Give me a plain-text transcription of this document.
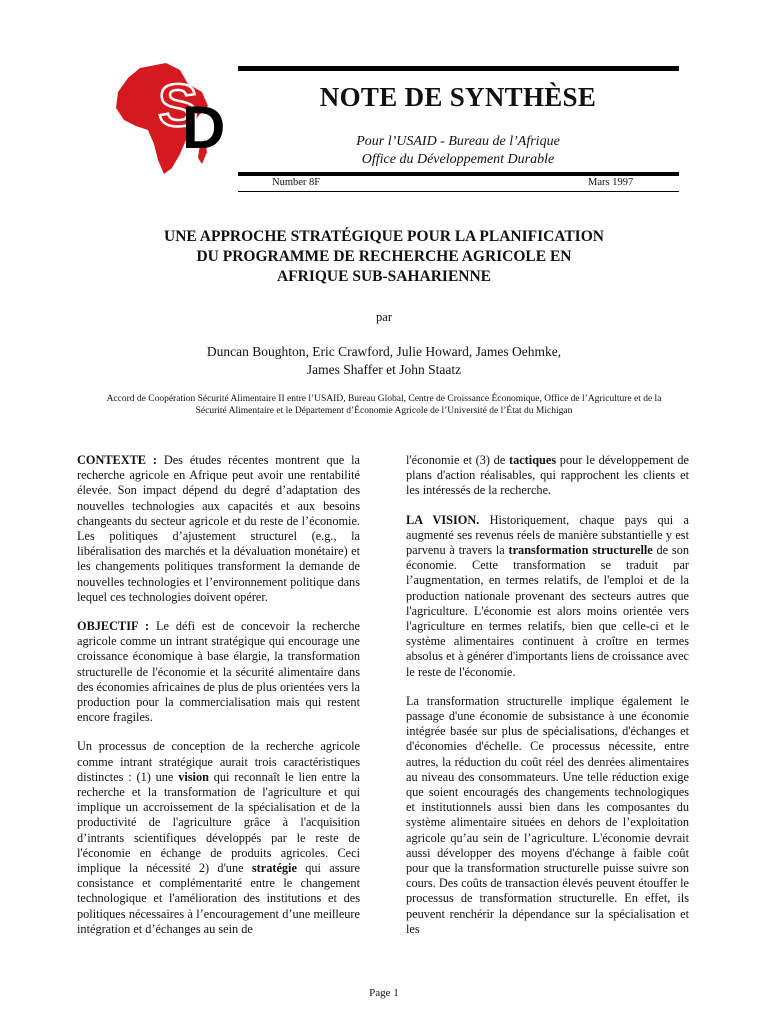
S
D	NOTE DE SYNTHÈSE
Pour l’USAID - Bureau de l’Afrique
Office du Développement Durable
Number 8F	Mars 1997
UNE APPROCHE STRATÉGIQUE POUR LA PLANIFICATION
DU PROGRAMME DE RECHERCHE AGRICOLE EN
AFRIQUE SUB-SAHARIENNE
par
Duncan Boughton, Eric Crawford, Julie Howard, James Oehmke,
James Shaffer et John Staatz
Accord de Coopération Sécurité Alimentaire II entre l’USAID, Bureau Global, Centre de Croissance Économique, Office de l’Agriculture et de la
Sécurité Alimentaire et le Département d’Économie Agricole de l’Université de l’État du Michigan

CONTEXTE : Des études récentes montrent que la recherche agricole en Afrique peut avoir une rentabilité élevée. Son impact dépend du degré d’adaptation des nouvelles technologies aux capacités et aux besoins changeants du secteur agricole et du reste de l’économie. Les politiques d’ajustement structurel (e.g., la libéralisation des marchés et la dévaluation monétaire) et les changements politiques transforment la demande de nouvelles technologies et l’environnement politique dans lequel ces technologies doivent opérer.

OBJECTIF : Le défi est de concevoir la recherche agricole comme un intrant stratégique qui encourage une croissance économique à base élargie, la transformation structurelle de l'économie et la sécurité alimentaire dans des économies africaines de plus de plus orientées vers la production pour la commercialisation mais qui restent encore fragiles.

Un processus de conception de la recherche agricole comme intrant stratégique aurait trois caractéristiques distinctes : (1) une vision qui reconnaît le lien entre la recherche et la transformation de l'agriculture et qui implique un accroissement de la spécialisation et de la productivité de l'agriculture grâce à l'acquisition d’intrants scientifiques développés par le reste de l'économie en échange de produits agricoles. Ceci implique la nécessité 2) d'une stratégie qui assure consistance et complémentarité entre le changement technologique et l'amélioration des institutions et des politiques nécessaires à l’encouragement d’une meilleure intégration et d’échanges au sein de

l'économie et (3) de tactiques pour le développement de plans d'action réalisables, qui rapprochent les clients et les intéressés de la recherche.

LA VISION. Historiquement, chaque pays qui a augmenté ses revenus réels de manière substantielle y est parvenu à travers la transformation structurelle de son économie. Cette transformation se traduit par l’augmentation, en termes relatifs, de l'emploi et de la production nationale provenant des secteurs autres que l'agriculture. L'économie est alors moins orientée vers l'agriculture en termes relatifs, bien que celle-ci et le système alimentaires continuent à croître en termes absolus et à générer d'importants liens de croissance avec le reste de l'économie.

La transformation structurelle implique également le passage d'une économie de subsistance à une économie intégrée basée sur plus de spécialisations, d'échanges et d'économies d'échelle. Ce processus nécessite, entre autres, la réduction du coût réel des denrées alimentaires au niveau des consommateurs. Une telle réduction exige que soient encouragés des changements technologiques et institutionnels aussi bien dans les composantes du système alimentaire situées en dehors de l’exploitation agricole qu’au sein de l’agriculture. L'économie devrait aussi développer des moyens d'échange à faible coût pour que la transformation structurelle puisse suivre son cours. Des coûts de transaction élevés peuvent étouffer le processus de transformation structurelle. En effet, ils peuvent renchérir la dépendance sur la spécialisation et les

Page 1
